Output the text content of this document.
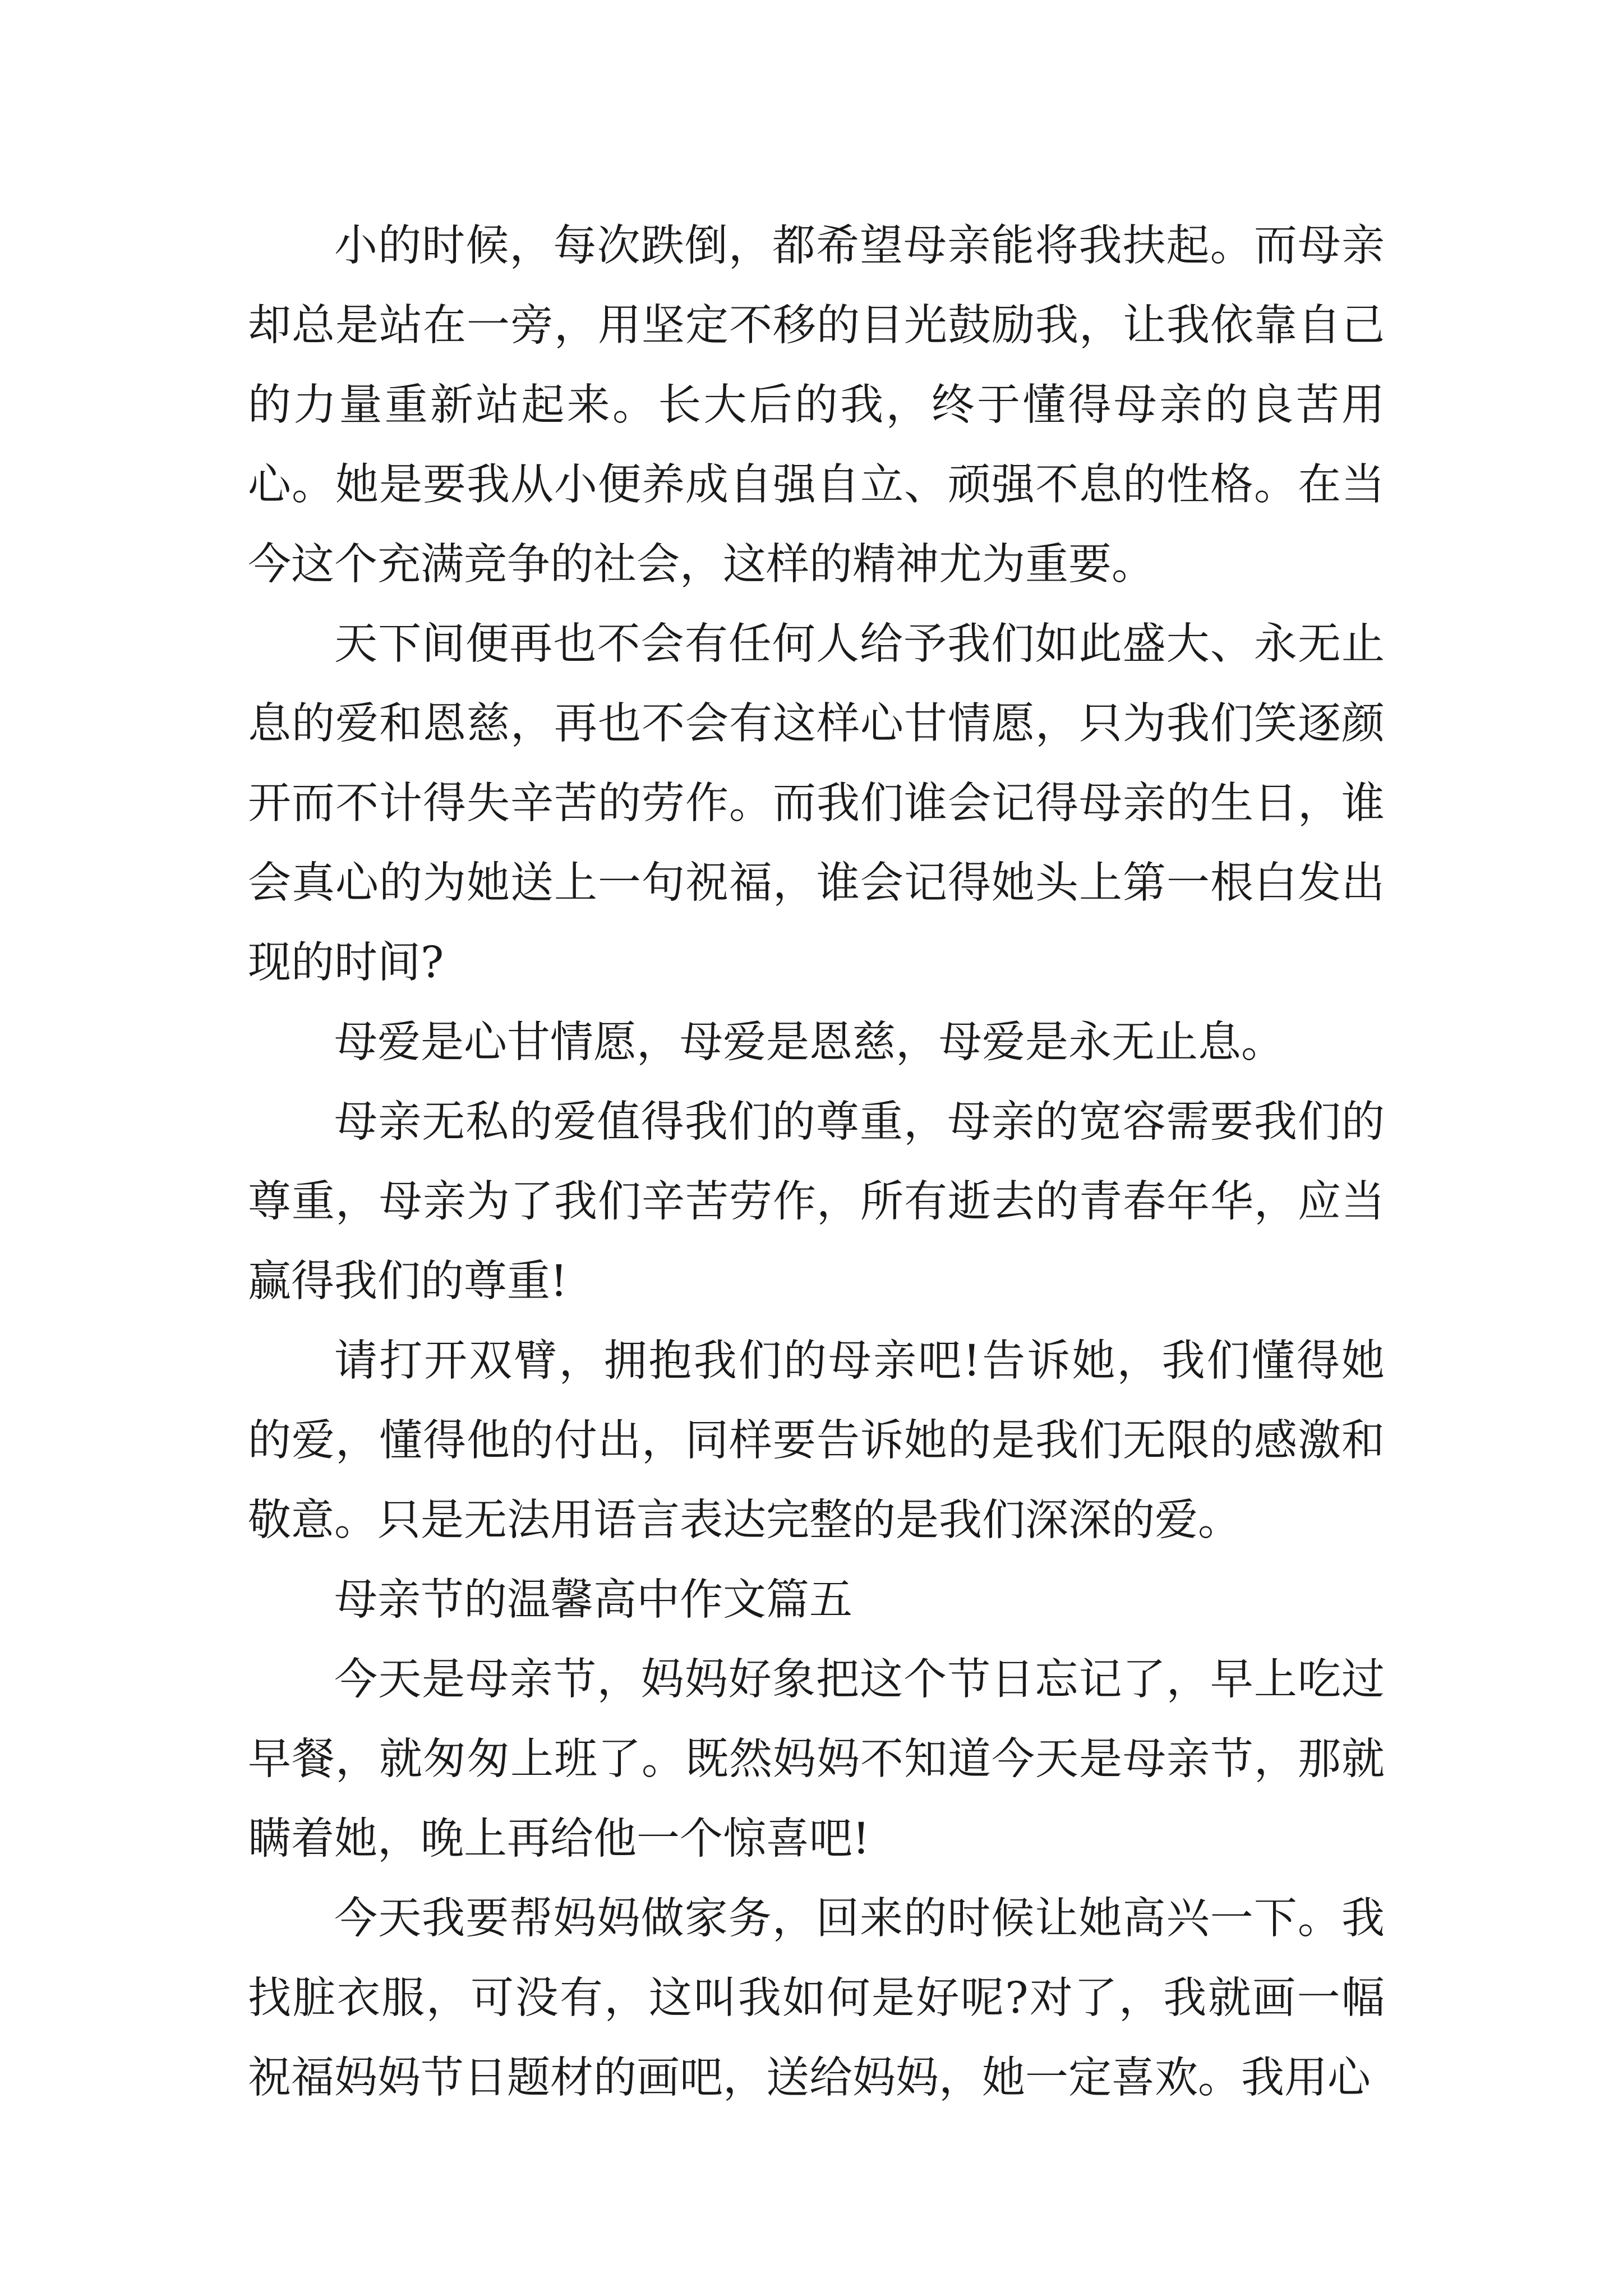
小的时候，每次跌倒，都希望母亲能将我扶起。而母亲却总是站在一旁，用坚定不移的目光鼓励我，让我依靠自己的力量重新站起来。长大后的我，终于懂得母亲的良苦用心。她是要我从小便养成自强自立、顽强不息的性格。在当今这个充满竞争的社会，这样的精神尤为重要。

天下间便再也不会有任何人给予我们如此盛大、永无止息的爱和恩慈，再也不会有这样心甘情愿，只为我们笑逐颜开而不计得失辛苦的劳作。而我们谁会记得母亲的生日，谁会真心的为她送上一句祝福，谁会记得她头上第一根白发出现的时间?

母爱是心甘情愿，母爱是恩慈，母爱是永无止息。

母亲无私的爱值得我们的尊重，母亲的宽容需要我们的尊重，母亲为了我们辛苦劳作，所有逝去的青春年华，应当赢得我们的尊重!

请打开双臂，拥抱我们的母亲吧!告诉她，我们懂得她的爱，懂得他的付出，同样要告诉她的是我们无限的感激和敬意。只是无法用语言表达完整的是我们深深的爱。

母亲节的温馨高中作文篇五

今天是母亲节，妈妈好象把这个节日忘记了，早上吃过早餐，就匆匆上班了。既然妈妈不知道今天是母亲节，那就瞒着她，晚上再给他一个惊喜吧!

今天我要帮妈妈做家务，回来的时候让她高兴一下。我找脏衣服，可没有，这叫我如何是好呢?对了，我就画一幅祝福妈妈节日题材的画吧，送给妈妈，她一定喜欢。我用心
